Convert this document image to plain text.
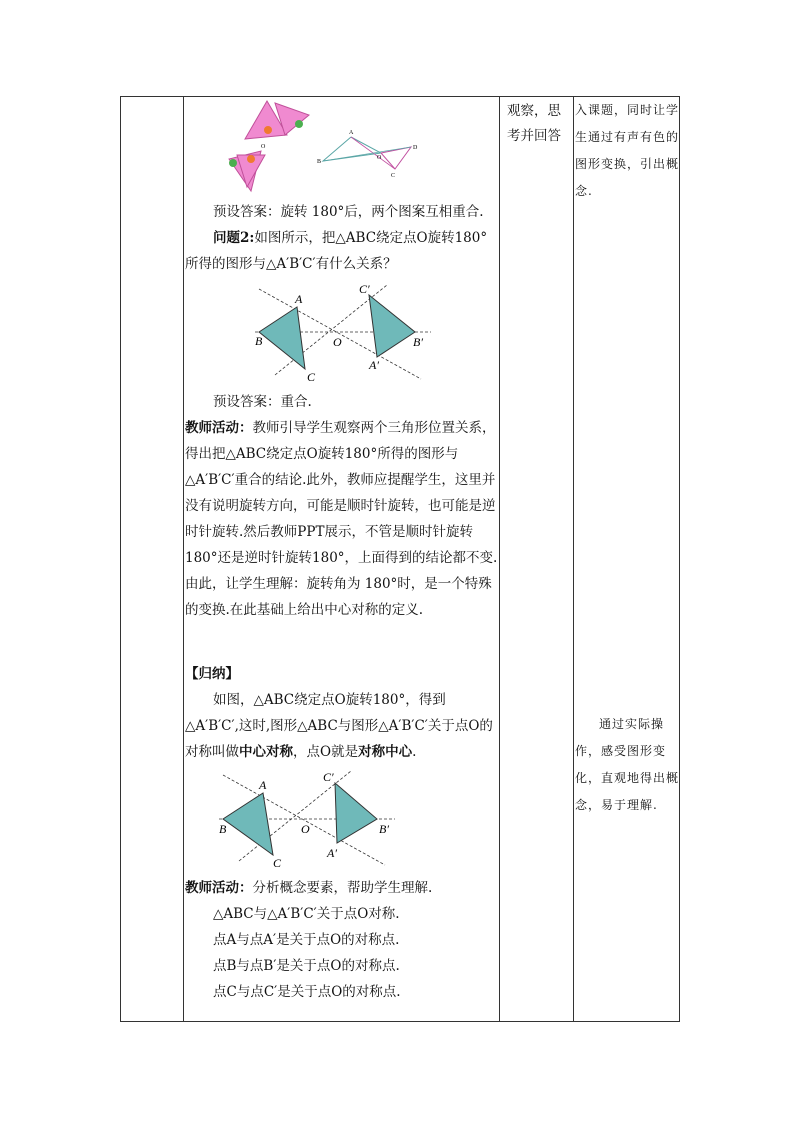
观察，思
考并回答
入课题，同时让学生通过有声有色的图形变换，引出概念.
通过实际操作，感受图形变化，直观地得出概念，易于理解.
O
A
B
O
C
D

预设答案：旋转 180°后，两个图案互相重合.

问题2:如图所示，把△ABC绕定点O旋转180°所得的图形与△A′B′C′有什么关系？

A
B
C
O
C′
B′
A′

预设答案：重合.

教师活动：教师引导学生观察两个三角形位置关系，得出把△ABC绕定点O旋转180°所得的图形与△A′B′C′重合的结论.此外，教师应提醒学生，这里并没有说明旋转方向，可能是顺时针旋转，也可能是逆时针旋转.然后教师PPT展示，不管是顺时针旋转180°还是逆时针旋转180°，上面得到的结论都不变.由此，让学生理解：旋转角为 180°时，是一个特殊的变换.在此基础上给出中心对称的定义.

【归纳】

如图，△ABC绕定点O旋转180°，得到△A′B′C′,这时,图形△ABC与图形△A′B′C′关于点O的对称叫做中心对称，点O就是对称中心.

A
B
C
O
C′
B′
A′

教师活动：分析概念要素，帮助学生理解.

△ABC与△A′B′C′关于点O对称.

点A与点A′是关于点O的对称点.

点B与点B′是关于点O的对称点.

点C与点C′是关于点O的对称点.
